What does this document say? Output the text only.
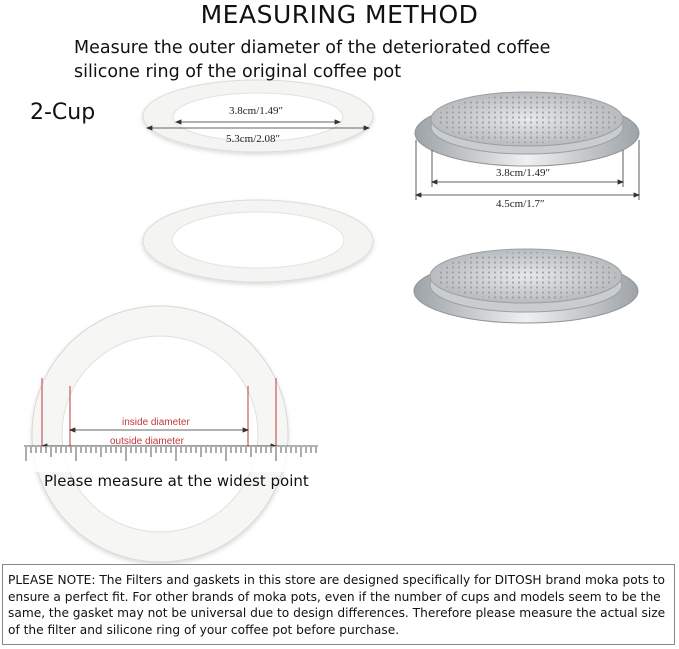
MEASURING METHOD
Measure the outer diameter of the deteriorated coffee
silicone ring of the original coffee pot
2-Cup	3.8cm/1.49″
5.3cm/2.08″
3.8cm/1.49″
4.5cm/1.7″
inside diameter
outside diameter
Please measure at the widest point
PLEASE NOTE: The Filters and gaskets in this store are designed specifically for DITOSH brand moka pots to ensure a perfect fit. For other brands of moka pots, even if the number of cups and models seem to be the same, the gasket may not be universal due to design differences. Therefore please measure the actual size of the filter and silicone ring of your coffee pot before purchase.
